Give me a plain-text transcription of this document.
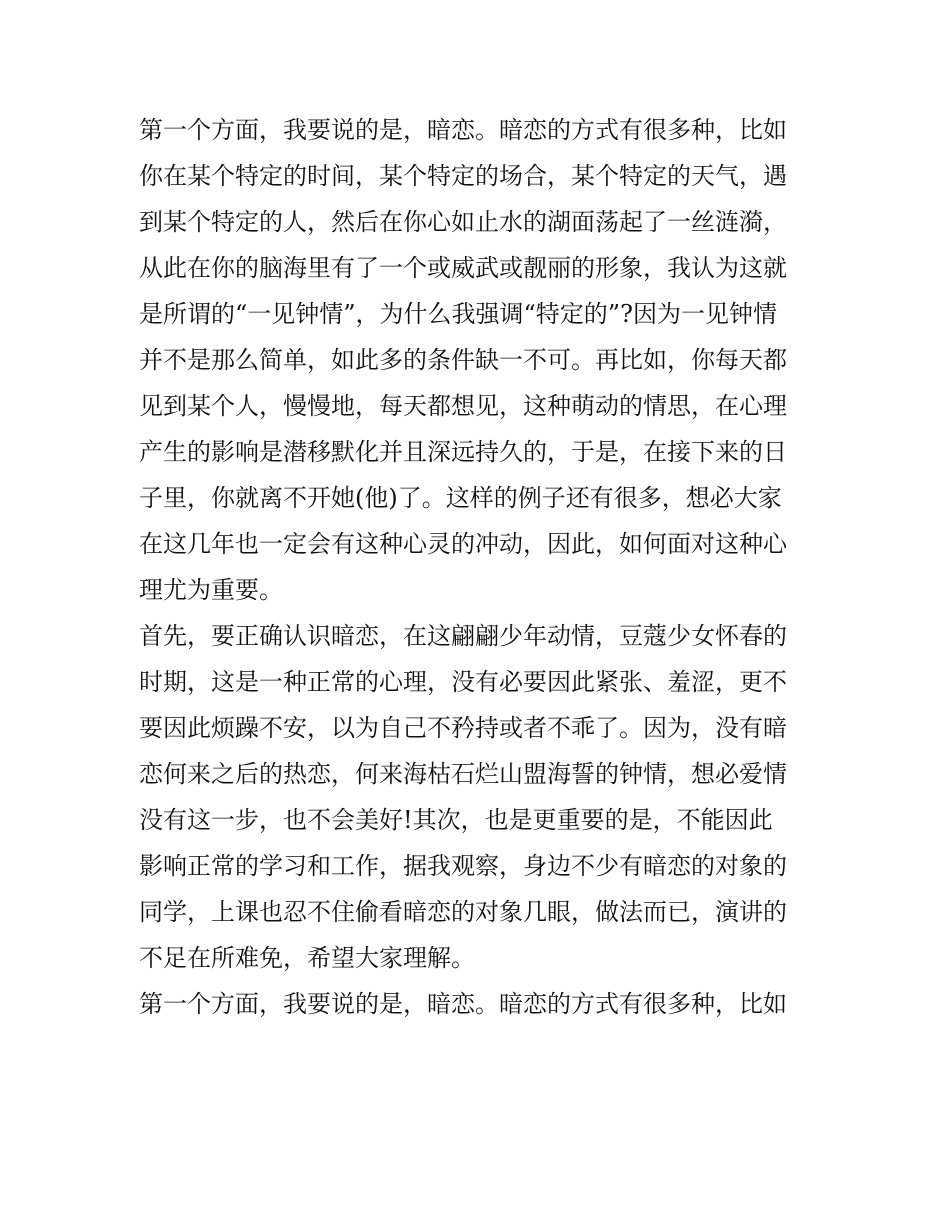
第一个方面，我要说的是，暗恋。暗恋的方式有很多种，比如
你在某个特定的时间，某个特定的场合，某个特定的天气，遇
到某个特定的人，然后在你心如止水的湖面荡起了一丝涟漪，
从此在你的脑海里有了一个或威武或靓丽的形象，我认为这就
是所谓的“一见钟情”，为什么我强调“特定的”?因为一见钟情
并不是那么简单，如此多的条件缺一不可。再比如，你每天都
见到某个人，慢慢地，每天都想见，这种萌动的情思，在心理
产生的影响是潜移默化并且深远持久的，于是，在接下来的日
子里，你就离不开她(他)了。这样的例子还有很多，想必大家
在这几年也一定会有这种心灵的冲动，因此，如何面对这种心
理尤为重要。
首先，要正确认识暗恋，在这翩翩少年动情，豆蔻少女怀春的
时期，这是一种正常的心理，没有必要因此紧张、羞涩，更不
要因此烦躁不安，以为自己不矜持或者不乖了。因为，没有暗
恋何来之后的热恋，何来海枯石烂山盟海誓的钟情，想必爱情
没有这一步，也不会美好!其次，也是更重要的是，不能因此
影响正常的学习和工作，据我观察，身边不少有暗恋的对象的
同学，上课也忍不住偷看暗恋的对象几眼，做法而已，演讲的
不足在所难免，希望大家理解。
第一个方面，我要说的是，暗恋。暗恋的方式有很多种，比如
